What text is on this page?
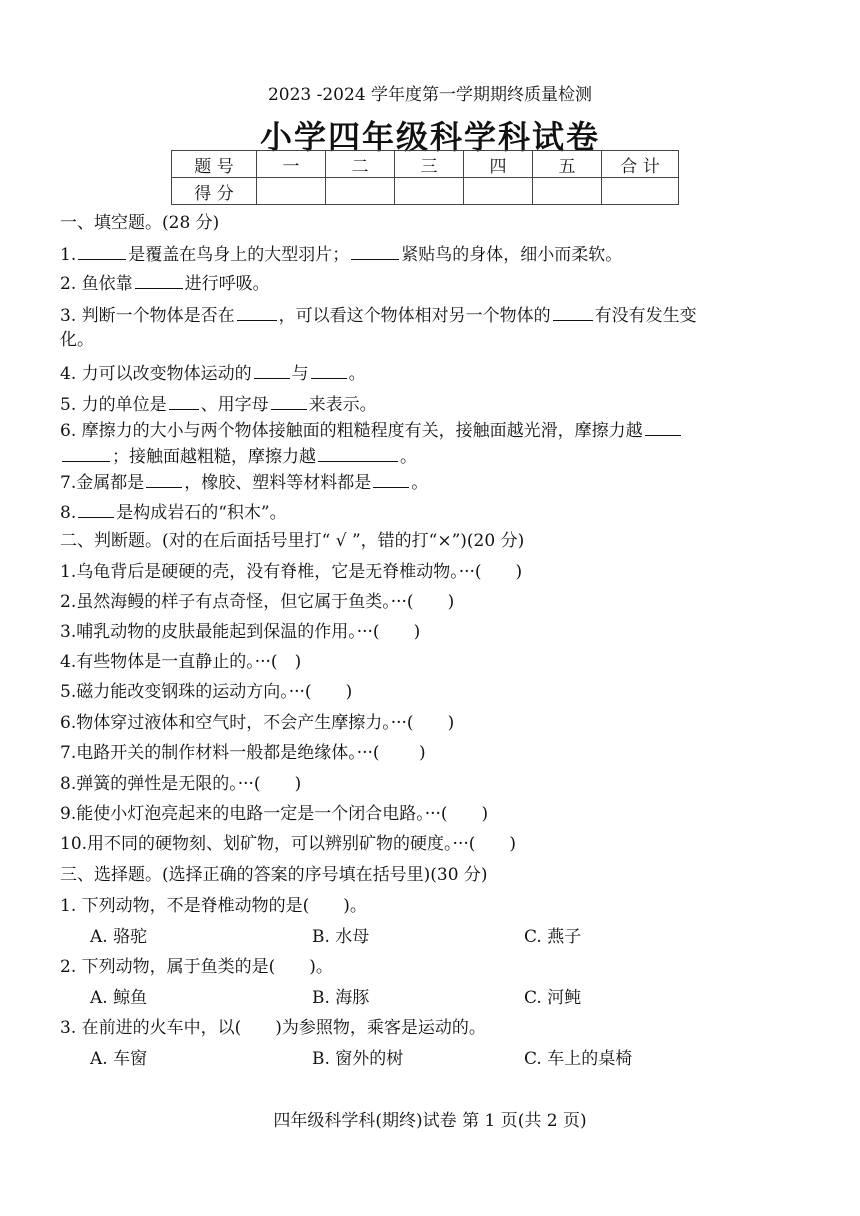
2023 -2024 学年度第一学期期终质量检测
小学四年级科学科试卷
题 号	一	二	三	四	五	合 计
得 分						
一、填空题。(28 分)
1.	是覆盖在鸟身上的大型羽片；	紧贴鸟的身体，细小而柔软。
2. 鱼依靠	进行呼吸。
3. 判断一个物体是否在	，可以看这个物体相对另一个物体的	有没有发生变
化。
4. 力可以改变物体运动的 与 。
5. 力的单位是 、用字母 来表示。
6. 摩擦力的大小与两个物体接触面的粗糙程度有关，接触面越光滑，摩擦力越
；接触面越粗糙，摩擦力越	。
7.金属都是 ，橡胶、塑料等材料都是 。
8. 是构成岩石的“积木”。
二、判断题。(对的在后面括号里打“ √ ”，错的打“×”)(20 分)
1.乌龟背后是硬硬的壳，没有脊椎，它是无脊椎动物。···(　　)
2.虽然海鳗的样子有点奇怪，但它属于鱼类。···(　　)
3.哺乳动物的皮肤最能起到保温的作用。···(　　)
4.有些物体是一直静止的。···(　)
5.磁力能改变钢珠的运动方向。···(　　)
6.物体穿过液体和空气时，不会产生摩擦力。···(　　)
7.电路开关的制作材料一般都是绝缘体。···(　　 )
8.弹簧的弹性是无限的。···(　　)
9.能使小灯泡亮起来的电路一定是一个闭合电路。···(　　)
10.用不同的硬物刻、划矿物，可以辨别矿物的硬度。···(　　)
三、选择题。(选择正确的答案的序号填在括号里)(30 分)
1. 下列动物，不是脊椎动物的是(　　)。
A. 骆驼	B. 水母	C. 燕子
2. 下列动物，属于鱼类的是(　　)。
A. 鲸鱼	B. 海豚	C. 河鲀
3. 在前进的火车中，以(　　)为参照物，乘客是运动的。
A. 车窗	B. 窗外的树	C. 车上的桌椅
四年级科学科(期终)试卷 第 1 页(共 2 页)
